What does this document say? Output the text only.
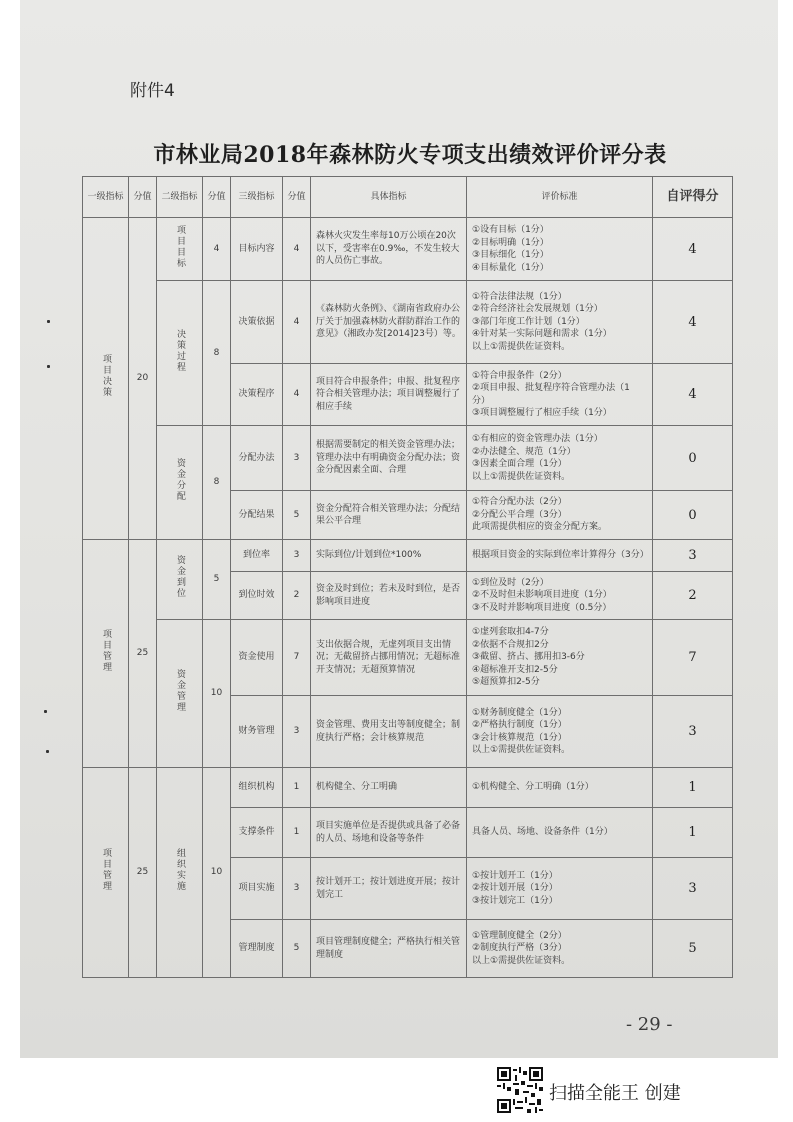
附件4
市林业局2018年森林防火专项支出绩效评价评分表
一级指标	分值	二级指标	分值	三级指标	分值	具体指标	评价标准	自评得分
项目决策	20	项目目标	4	目标内容	4	森林火灾发生率每10万公顷在20次以下，受害率在0.9‰，不发生较大的人员伤亡事故。	①设有目标（1分）
②目标明确（1分）
③目标细化（1分）
④目标量化（1分）	4
		决策过程	8	决策依据	4	《森林防火条例》、《湖南省政府办公厅关于加强森林防火群防群治工作的意见》（湘政办发[2014]23号）等。	①符合法律法规（1分）
②符合经济社会发展规划（1分）
③部门年度工作计划（1分）
④针对某一实际问题和需求（1分）
以上①需提供佐证资料。	4
				决策程序	4	项目符合申报条件；申报、批复程序符合相关管理办法；项目调整履行了相应手续	①符合申报条件（2分）
②项目申报、批复程序符合管理办法（1分）
③项目调整履行了相应手续（1分）	4
		资金分配	8	分配办法	3	根据需要制定的相关资金管理办法；管理办法中有明确资金分配办法；资金分配因素全面、合理	①有相应的资金管理办法（1分）
②办法健全、规范（1分）
③因素全面合理（1分）
以上①需提供佐证资料。	0
				分配结果	5	资金分配符合相关管理办法；分配结果公平合理	①符合分配办法（2分）
②分配公平合理（3分）
此项需提供相应的资金分配方案。	0
项目管理	25	资金到位	5	到位率	3	实际到位/计划到位*100%	根据项目资金的实际到位率计算得分（3分）	3
				到位时效	2	资金及时到位；若未及时到位，是否影响项目进度	①到位及时（2分）
②不及时但未影响项目进度（1分）
③不及时并影响项目进度（0.5分）	2
		资金管理	10	资金使用	7	支出依据合规，无虚列项目支出情况；无截留挤占挪用情况；无超标准开支情况；无超预算情况	①虚列套取扣4-7分
②依据不合规扣2分
③截留、挤占、挪用扣3-6分
④超标准开支扣2-5分
⑤超预算扣2-5分	7
				财务管理	3	资金管理、费用支出等制度健全；制度执行严格；会计核算规范	①财务制度健全（1分）
②严格执行制度（1分）
③会计核算规范（1分）
以上①需提供佐证资料。	3
项目管理	25	组织实施	10	组织机构	1	机构健全、分工明确	①机构健全、分工明确（1分）	1
				支撑条件	1	项目实施单位是否提供或具备了必备的人员、场地和设备等条件	具备人员、场地、设备条件（1分）	1
				项目实施	3	按计划开工；按计划进度开展；按计划完工	①按计划开工（1分）
②按计划开展（1分）
③按计划完工（1分）	3
				管理制度	5	项目管理制度健全；严格执行相关管理制度	①管理制度健全（2分）
②制度执行严格（3分）
以上①需提供佐证资料。	5
- 29 -
扫描全能王 创建
